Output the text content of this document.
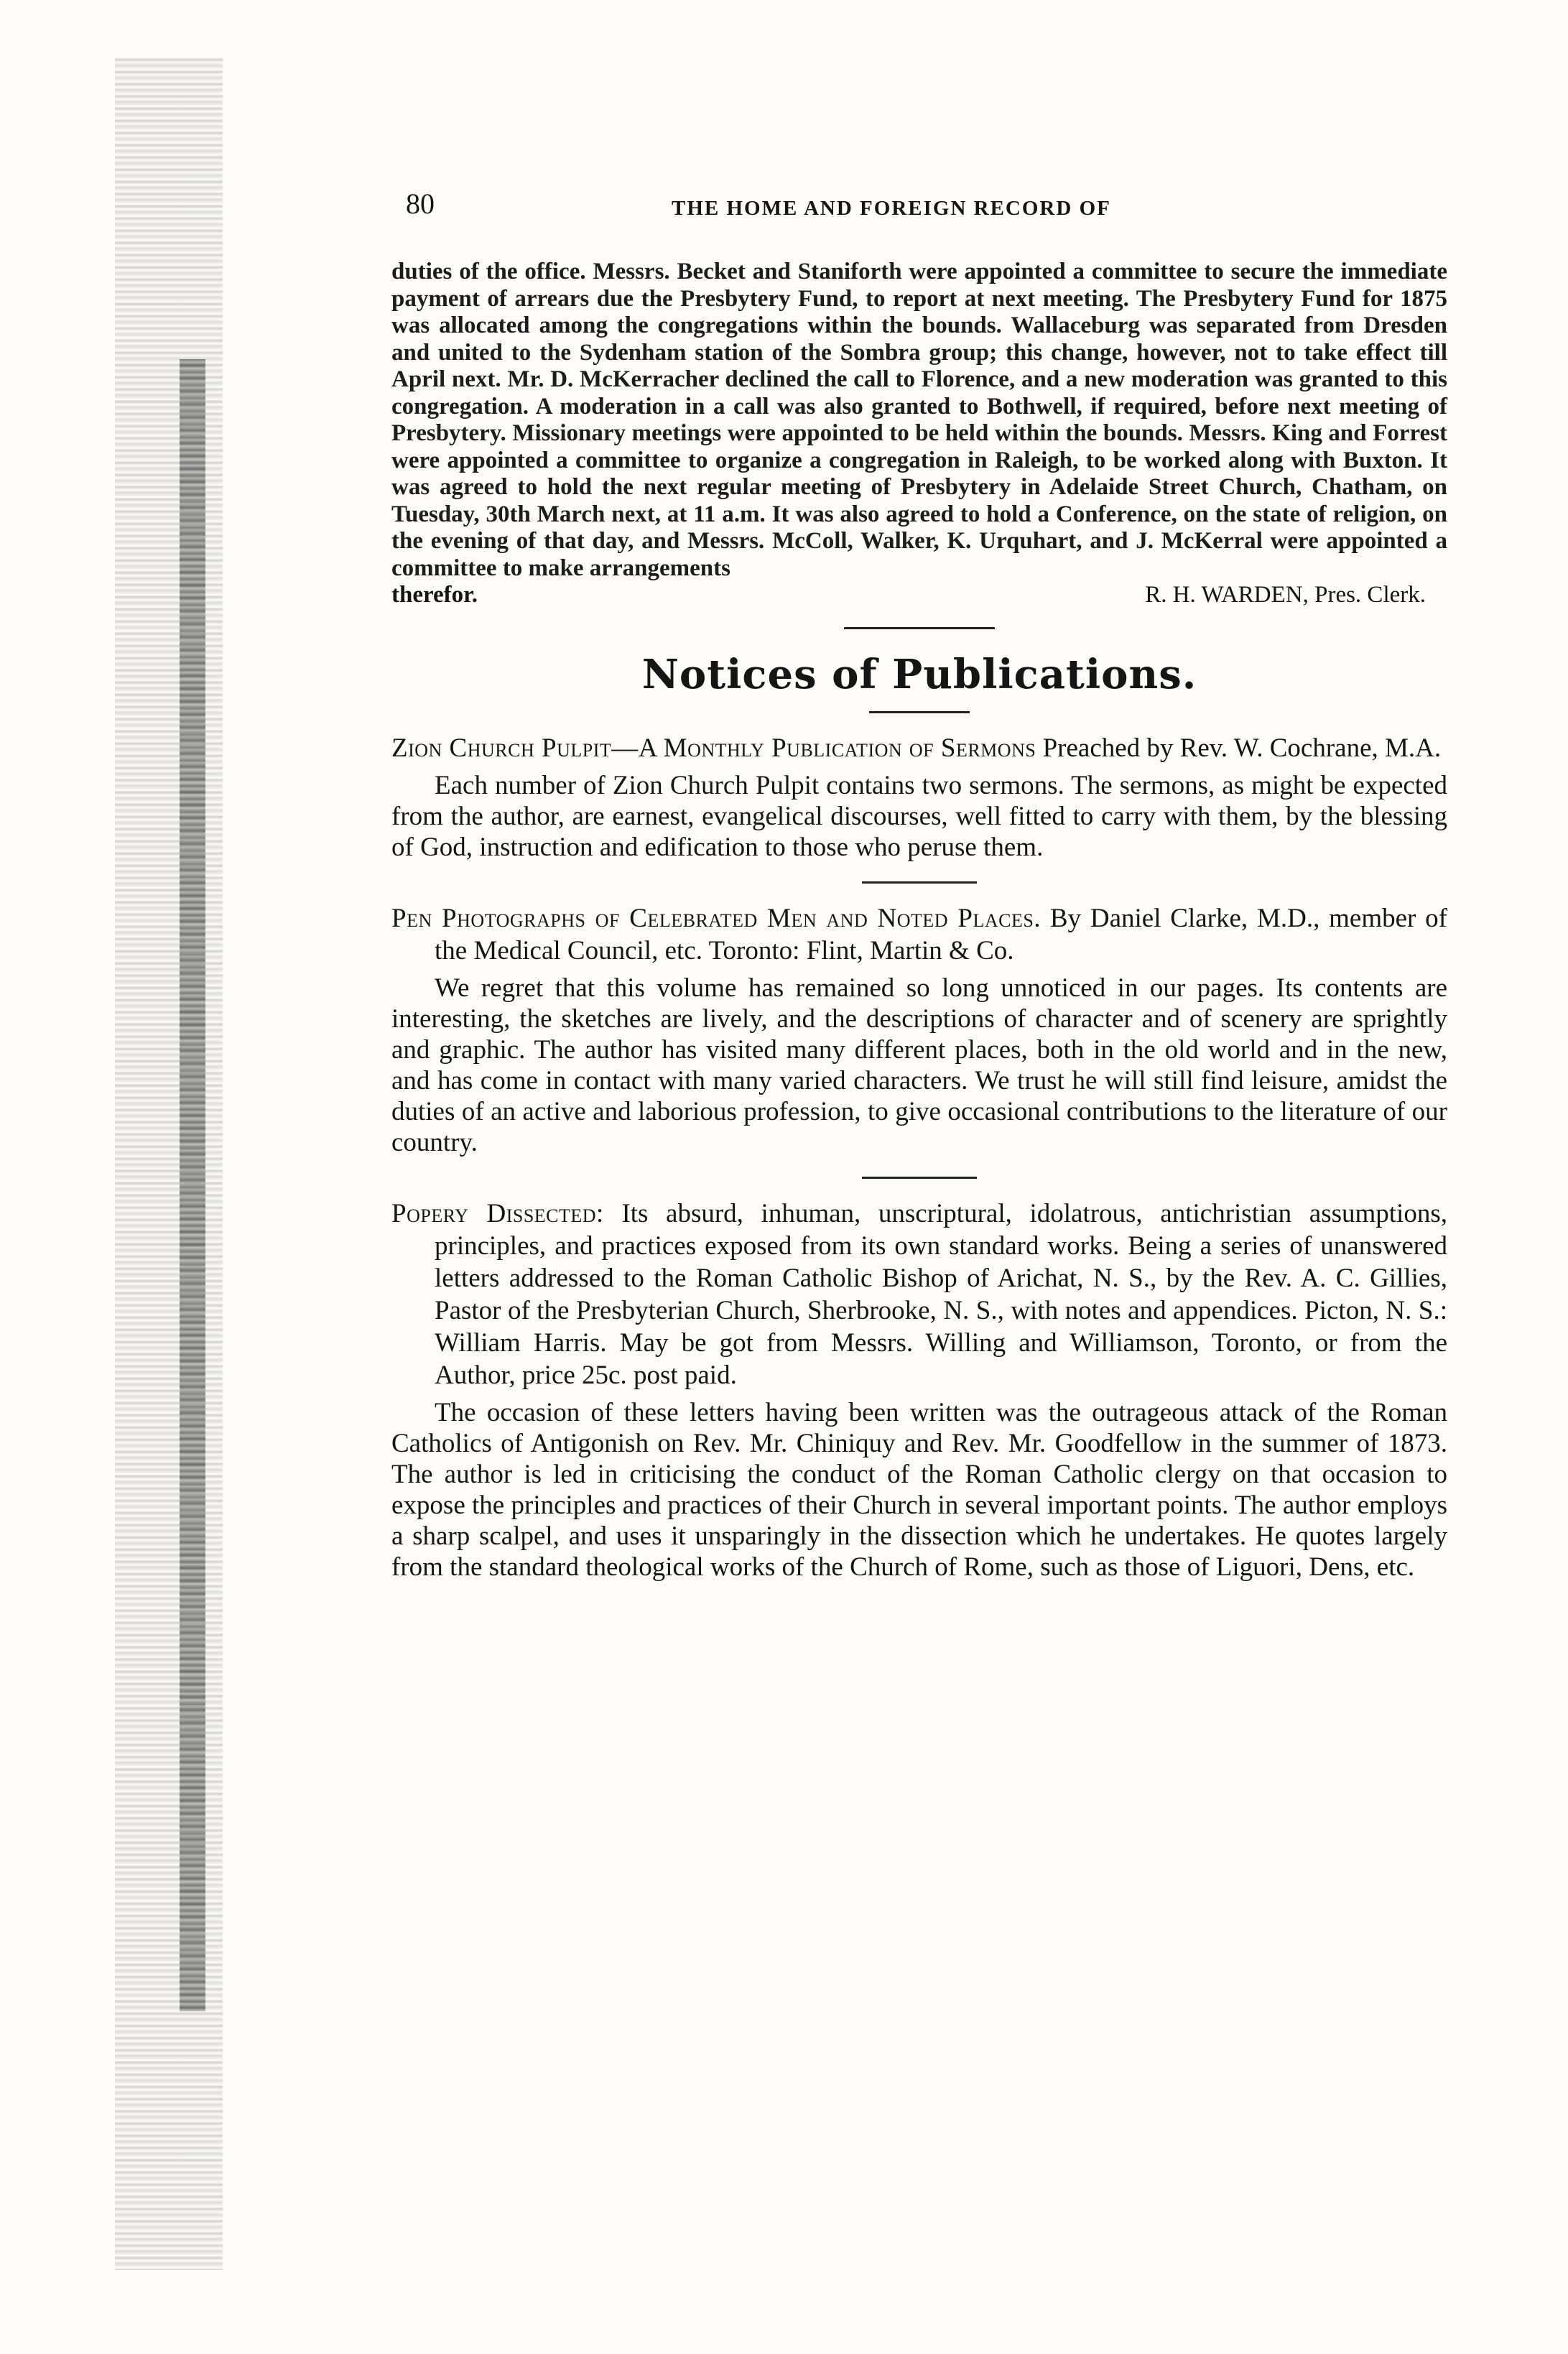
80	THE HOME AND FOREIGN RECORD OF

duties of the office. Messrs. Becket and Staniforth were appointed a committee to secure the immediate payment of arrears due the Presbytery Fund, to report at next meeting. The Presbytery Fund for 1875 was allocated among the congregations within the bounds. Wallaceburg was separated from Dresden and united to the Sydenham station of the Sombra group; this change, however, not to take effect till April next. Mr. D. McKerracher declined the call to Florence, and a new moderation was granted to this congregation. A moderation in a call was also granted to Bothwell, if required, before next meeting of Presbytery. Missionary meetings were appointed to be held within the bounds. Messrs. King and Forrest were appointed a committee to organize a congregation in Raleigh, to be worked along with Buxton. It was agreed to hold the next regular meeting of Presbytery in Adelaide Street Church, Chatham, on Tuesday, 30th March next, at 11 a.m. It was also agreed to hold a Conference, on the state of religion, on the evening of that day, and Messrs. McColl, Walker, K. Urquhart, and J. McKerral were appointed a committee to make arrangements

therefor.	R. H. WARDEN, Pres. Clerk.
Notices of Publications.

Zion Church Pulpit—A Monthly Publication of Sermons Preached by Rev. W. Cochrane, M.A.

Each number of Zion Church Pulpit contains two sermons. The sermons, as might be expected from the author, are earnest, evangelical discourses, well fitted to carry with them, by the blessing of God, instruction and edification to those who peruse them.

Pen Photographs of Celebrated Men and Noted Places. By Daniel Clarke, M.D., member of the Medical Council, etc. Toronto: Flint, Martin & Co.

We regret that this volume has remained so long unnoticed in our pages. Its contents are interesting, the sketches are lively, and the descriptions of character and of scenery are sprightly and graphic. The author has visited many different places, both in the old world and in the new, and has come in contact with many varied characters. We trust he will still find leisure, amidst the duties of an active and laborious profession, to give occasional contributions to the literature of our country.

Popery Dissected: Its absurd, inhuman, unscriptural, idolatrous, antichristian assumptions, principles, and practices exposed from its own standard works. Being a series of unanswered letters addressed to the Roman Catholic Bishop of Arichat, N. S., by the Rev. A. C. Gillies, Pastor of the Presbyterian Church, Sherbrooke, N. S., with notes and appendices. Picton, N. S.: William Harris. May be got from Messrs. Willing and Williamson, Toronto, or from the Author, price 25c. post paid.

The occasion of these letters having been written was the outrageous attack of the Roman Catholics of Antigonish on Rev. Mr. Chiniquy and Rev. Mr. Goodfellow in the summer of 1873. The author is led in criticising the conduct of the Roman Catholic clergy on that occasion to expose the principles and practices of their Church in several important points. The author employs a sharp scalpel, and uses it unsparingly in the dissection which he undertakes. He quotes largely from the standard theological works of the Church of Rome, such as those of Liguori, Dens, etc.
